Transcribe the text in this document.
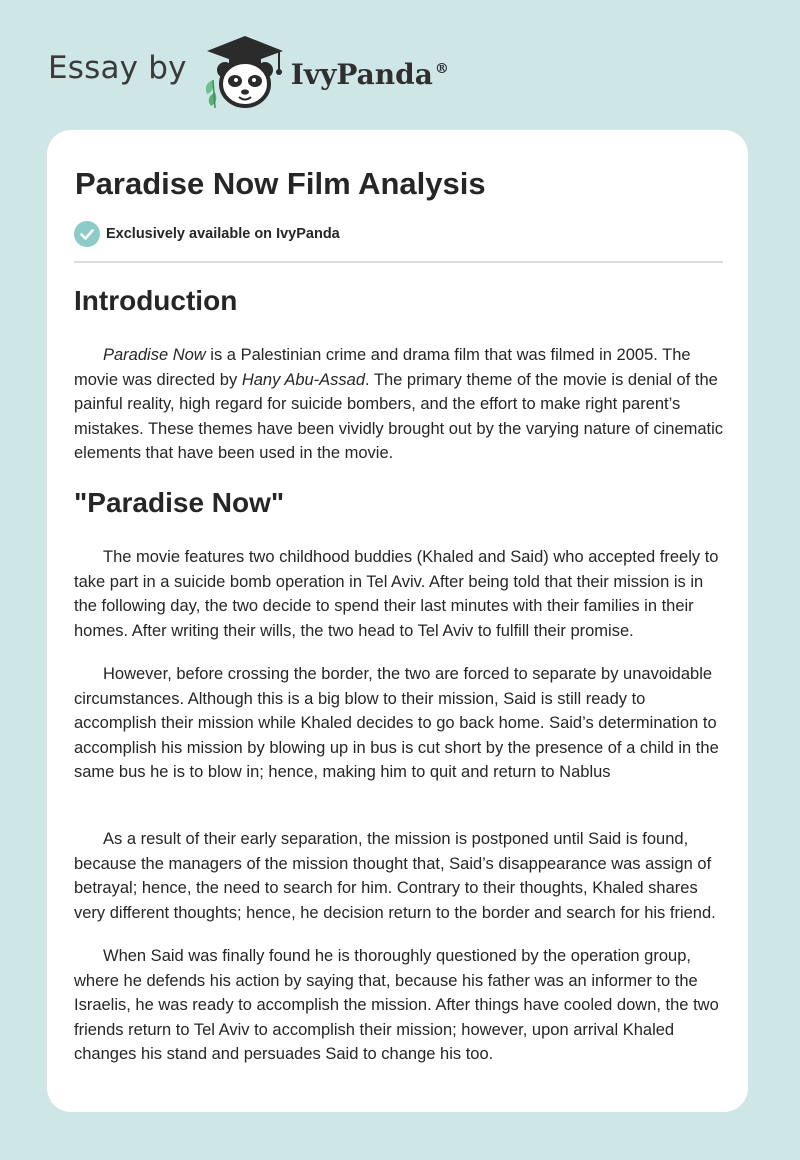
Essay by	IvyPanda ®
Paradise Now Film Analysis
Exclusively available on IvyPanda
Introduction

Paradise Now is a Palestinian crime and drama film that was filmed in 2005. The movie was directed by Hany Abu-Assad. The primary theme of the movie is denial of the painful reality, high regard for suicide bombers, and the effort to make right parent’s mistakes. These themes have been vividly brought out by the varying nature of cinematic elements that have been used in the movie.

"Paradise Now"

The movie features two childhood buddies (Khaled and Said) who accepted freely to take part in a suicide bomb operation in Tel Aviv. After being told that their mission is in the following day, the two decide to spend their last minutes with their families in their homes. After writing their wills, the two head to Tel Aviv to fulfill their promise.

However, before crossing the border, the two are forced to separate by unavoidable circumstances. Although this is a big blow to their mission, Said is still ready to accomplish their mission while Khaled decides to go back home. Said’s determination to accomplish his mission by blowing up in bus is cut short by the presence of a child in the same bus he is to blow in; hence, making him to quit and return to Nablus

As a result of their early separation, the mission is postponed until Said is found, because the managers of the mission thought that, Said’s disappearance was assign of betrayal; hence, the need to search for him. Contrary to their thoughts, Khaled shares very different thoughts; hence, he decision return to the border and search for his friend.

When Said was finally found he is thoroughly questioned by the operation group, where he defends his action by saying that, because his father was an informer to the Israelis, he was ready to accomplish the mission. After things have cooled down, the two friends return to Tel Aviv to accomplish their mission; however, upon arrival Khaled changes his stand and persuades Said to change his too.
